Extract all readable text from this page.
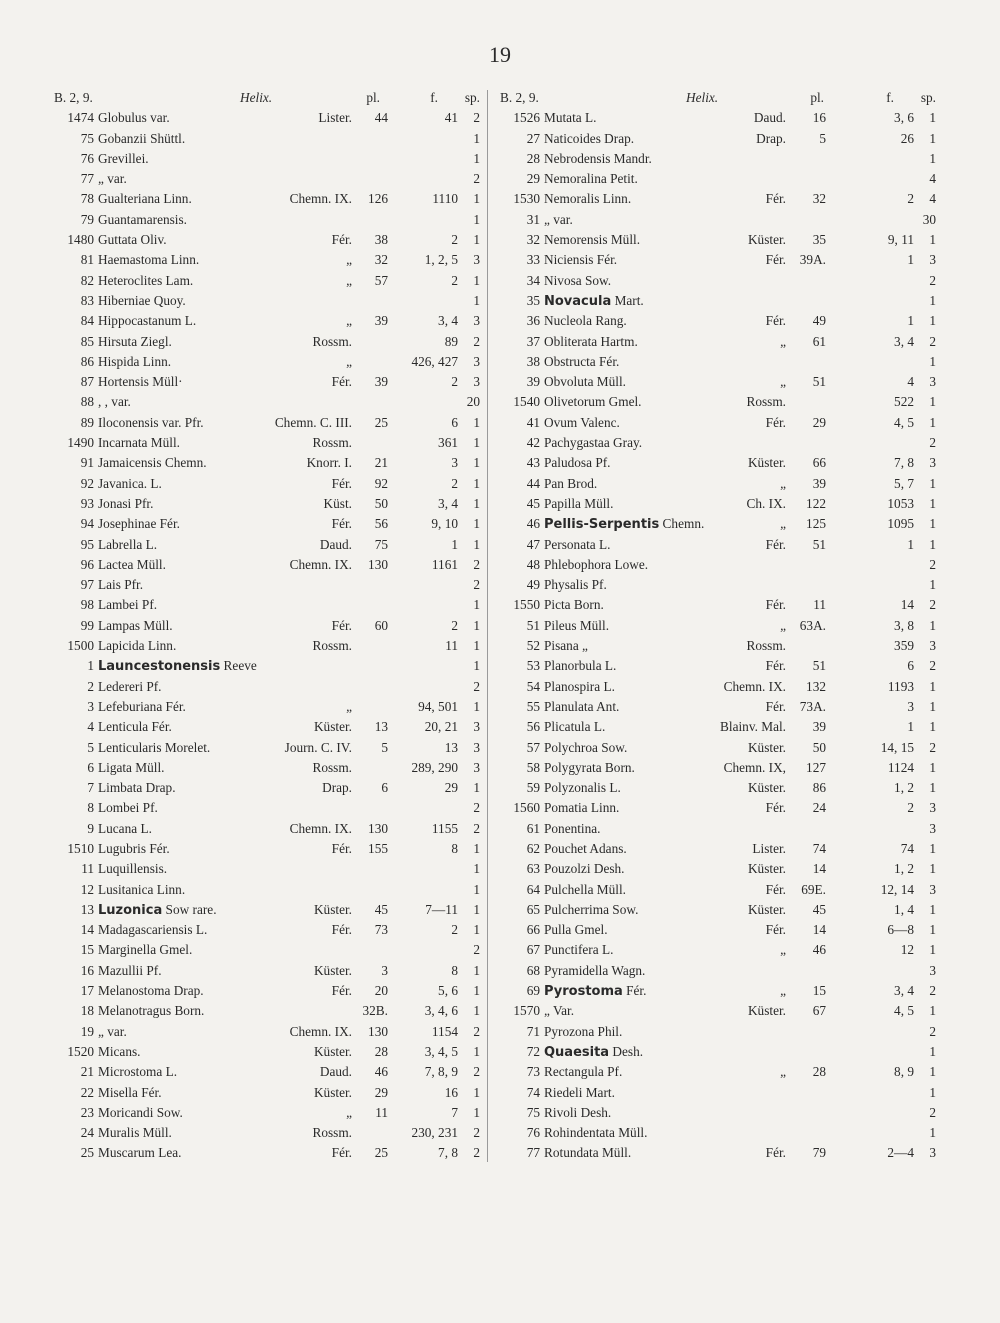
19
B. 2, 9.	Helix.	pl.	f. sp.
1474 Globulus var.	Lister. 44	41 2
75 Gobanzii Shüttl.	1
76 Grevillei.	1
77 „ var.	2
78 Gualteriana Linn.	Chemn. IX. 126	1110 1
79 Guantamarensis.	1
1480 Guttata Oliv.	Fér. 38	2 1
81 Haemastoma Linn.	„ 32	1, 2, 5 3
82 Heteroclites Lam.	„ 57	2 1
83 Hiberniae Quoy.	1
84 Hippocastanum L.	„ 39	3, 4 3
85 Hirsuta Ziegl.	Rossm.	89 2
86 Hispida Linn.	„	426, 427 3
87 Hortensis Müll·	Fér. 39	2 3
88 , , var.	20
89 Iloconensis var. Pfr.	Chemn. C. III. 25	6 1
1490 Incarnata Müll.	Rossm.	361 1
91 Jamaicensis Chemn.	Knorr. I. 21	3 1
92 Javanica. L.	Fér. 92	2 1
93 Jonasi Pfr.	Küst. 50	3, 4 1
94 Josephinae Fér.	Fér. 56	9, 10 1
95 Labrella L.	Daud. 75	1 1
96 Lactea Müll.	Chemn. IX. 130	1161 2
97 Lais Pfr.	2
98 Lambei Pf.	1
99 Lampas Müll.	Fér. 60	2 1
1500 Lapicida Linn.	Rossm.	11 1
1 Launcestonensis Reeve	1
2 Ledereri Pf.	2
3 Lefeburiana Fér.	„	94, 501 1
4 Lenticula Fér.	Küster. 13	20, 21 3
5 Lenticularis Morelet.	Journ. C. IV. 5	13 3
6 Ligata Müll.	Rossm.	289, 290 3
7 Limbata Drap.	Drap. 6	29 1
8 Lombei Pf.	2
9 Lucana L.	Chemn. IX. 130	1155 2
1510 Lugubris Fér.	Fér. 155	8 1
11 Luquillensis.	1
12 Lusitanica Linn.	1
13 Luzonica Sow rare.	Küster. 45	7—11 1
14 Madagascariensis L.	Fér. 73	2 1
15 Marginella Gmel.	2
16 Mazullii Pf.	Küster. 3	8 1
17 Melanostoma Drap.	Fér. 20	5, 6 1
18 Melanotragus Born.	32B.	3, 4, 6 1
19 „ var.	Chemn. IX. 130	1154 2
1520 Micans.	Küster. 28	3, 4, 5 1
21 Microstoma L.	Daud. 46	7, 8, 9 2
22 Misella Fér.	Küster. 29	16 1
23 Moricandi Sow.	„ 11	7 1
24 Muralis Müll.	Rossm.	230, 231 2
25 Muscarum Lea.	Fér. 25	7, 8 2
B. 2, 9.	Helix.	pl.	f. sp.
1526 Mutata L.	Daud. 16	3, 6 1
27 Naticoides Drap.	Drap.	5	26 1
28 Nebrodensis Mandr.	1
29 Nemoralina Petit.	4
1530 Nemoralis Linn.	Fér. 32	2 4
31 „ var.	30
32 Nemorensis Müll.	Küster. 35	9, 11 1
33 Niciensis Fér.	Fér. 39A.	1 3
34 Nivosa Sow.	2
35 Novacula Mart.	1
36 Nucleola Rang.	Fér. 49	1 1
37 Obliterata Hartm.	„ 61	3, 4 2
38 Obstructa Fér.	1
39 Obvoluta Müll.	„ 51	4 3
1540 Olivetorum Gmel.	Rossm.	522 1
41 Ovum Valenc.	Fér. 29	4, 5 1
42 Pachygastaa Gray.	2
43 Paludosa Pf.	Küster. 66	7, 8 3
44 Pan Brod.	„ 39	5, 7 1
45 Papilla Müll.	Ch. IX. 122	1053 1
46 Pellis-Serpentis Chemn.	„ 125	1095 1
47 Personata L.	Fér. 51	1 1
48 Phlebophora Lowe.	2
49 Physalis Pf.	1
1550 Picta Born.	Fér. 11	14 2
51 Pileus Müll.	„ 63A.	3, 8 1
52 Pisana „	Rossm.	359 3
53 Planorbula L.	Fér. 51	6 2
54 Planospira L.	Chemn. IX. 132	1193 1
55 Planulata Ant.	Fér. 73A.	3 1
56 Plicatula L.	Blainv. Mal. 39	1 1
57 Polychroa Sow.	Küster. 50	14, 15 2
58 Polygyrata Born.	Chemn. IX, 127	1124 1
59 Polyzonalis L.	Küster. 86	1, 2 1
1560 Pomatia Linn.	Fér. 24	2 3
61 Ponentina.	3
62 Pouchet Adans.	Lister. 74	74 1
63 Pouzolzi Desh.	Küster. 14	1, 2 1
64 Pulchella Müll.	Fér. 69E.	12, 14 3
65 Pulcherrima Sow.	Küster. 45	1, 4 1
66 Pulla Gmel.	Fér. 14	6—8 1
67 Punctifera L.	„ 46	12 1
68 Pyramidella Wagn.	3
69 Pyrostoma Fér.	„ 15	3, 4 2
1570 „ Var.	Küster. 67	4, 5 1
71 Pyrozona Phil.	2
72 Quaesita Desh.	1
73 Rectangula Pf.	„ 28	8, 9 1
74 Riedeli Mart.	1
75 Rivoli Desh.	2
76 Rohindentata Müll.	1
77 Rotundata Müll.	Fér. 79	2—4 3
